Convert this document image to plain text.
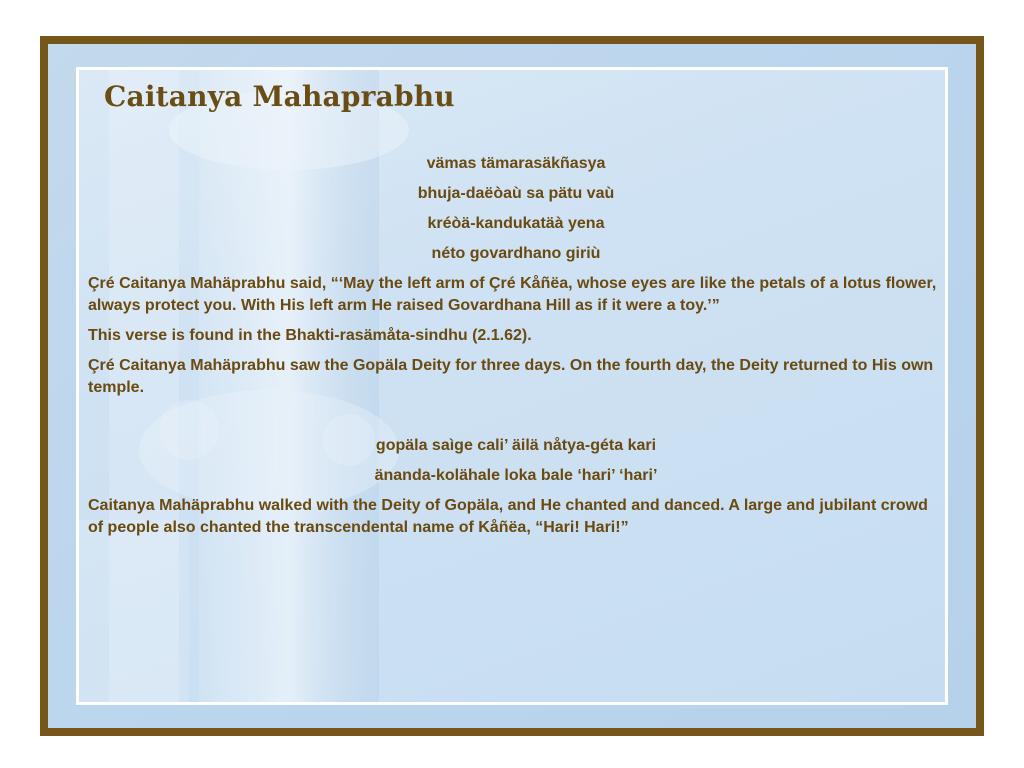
Caitanya Mahaprabhu
vämas tämarasäkñasya
bhuja-daëòaù sa pätu vaù
kréòä-kandukatäà yena
néto govardhano giriù

Çré Caitanya Mahäprabhu said, “‘May the left arm of Çré Kåñëa, whose eyes are like the petals of a lotus flower, always protect you. With His left arm He raised Govardhana Hill as if it were a toy.’”

This verse is found in the Bhakti-rasämåta-sindhu (2.1.62).

Çré Caitanya Mahäprabhu saw the Gopäla Deity for three days. On the fourth day, the Deity returned to His own temple.

gopäla saìge cali’ äilä nåtya-géta kari
änanda-kolähale loka bale ‘hari’ ‘hari’

Caitanya Mahäprabhu walked with the Deity of Gopäla, and He chanted and danced. A large and jubilant crowd of people also chanted the transcendental name of Kåñëa, “Hari! Hari!”
